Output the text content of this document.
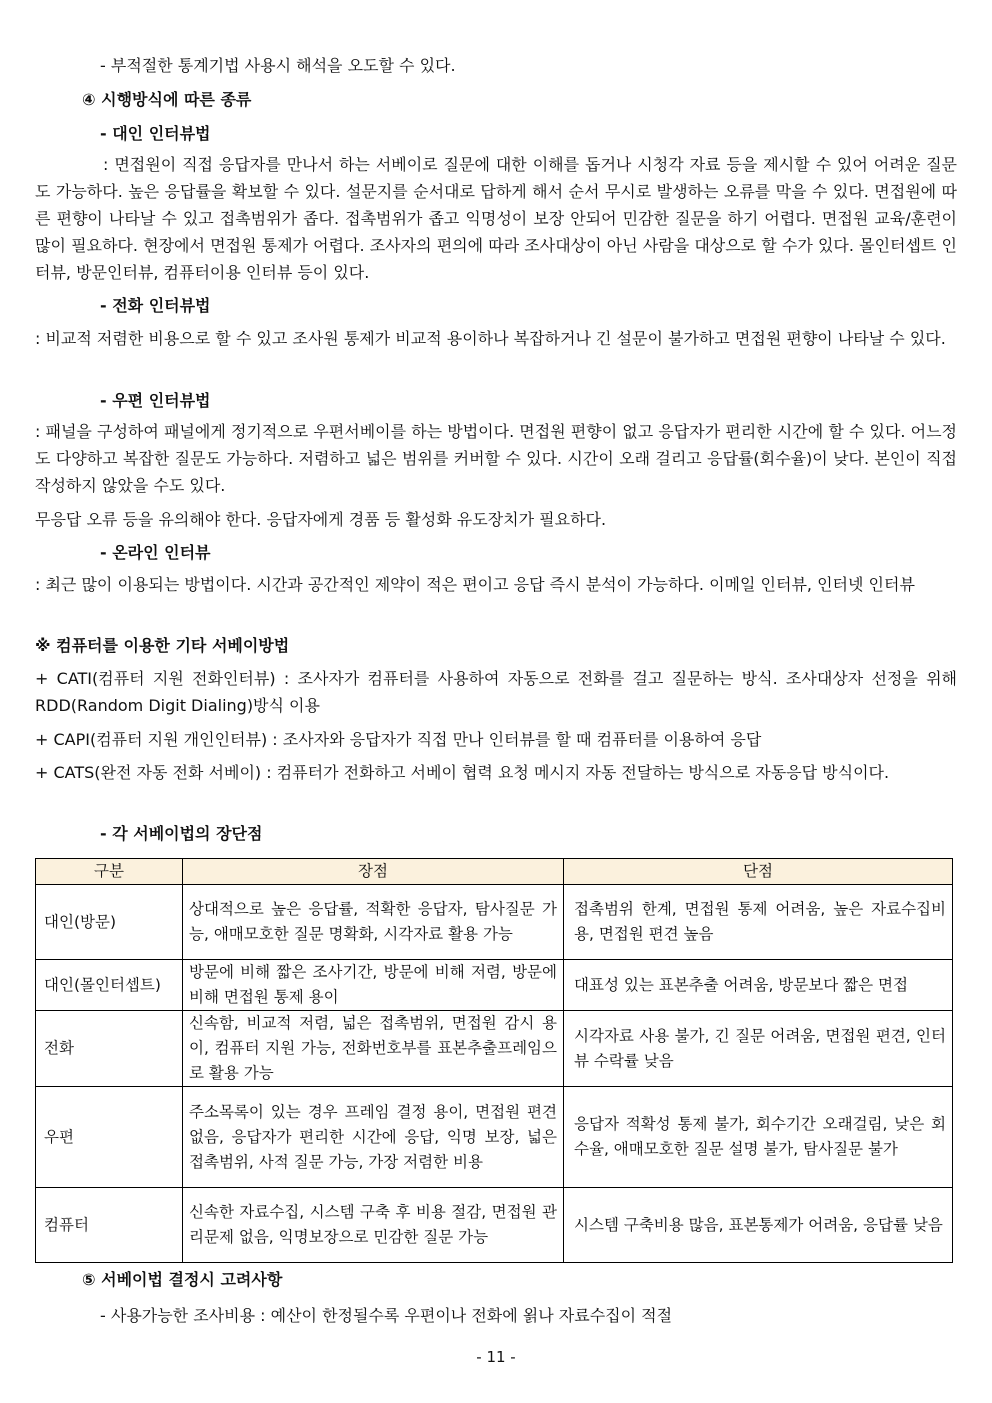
- 부적절한 통계기법 사용시 해석을 오도할 수 있다.
④ 시행방식에 따른 종류
- 대인 인터뷰법
: 면접원이 직접 응답자를 만나서 하는 서베이로 질문에 대한 이해를 돕거나 시청각 자료 등을 제시할 수 있어 어려운 질문도 가능하다. 높은 응답률을 확보할 수 있다. 설문지를 순서대로 답하게 해서 순서 무시로 발생하는 오류를 막을 수 있다. 면접원에 따른 편향이 나타날 수 있고 접촉범위가 좁다. 접촉범위가 좁고 익명성이 보장 안되어 민감한 질문을 하기 어렵다. 면접원 교육/훈련이 많이 필요하다. 현장에서 면접원 통제가 어렵다. 조사자의 편의에 따라 조사대상이 아닌 사람을 대상으로 할 수가 있다. 몰인터셉트 인터뷰, 방문인터뷰, 컴퓨터이용 인터뷰 등이 있다.
- 전화 인터뷰법
: 비교적 저렴한 비용으로 할 수 있고 조사원 통제가 비교적 용이하나 복잡하거나 긴 설문이 불가하고 면접원 편향이 나타날 수 있다.
- 우편 인터뷰법
: 패널을 구성하여 패널에게 정기적으로 우편서베이를 하는 방법이다. 면접원 편향이 없고 응답자가 편리한 시간에 할 수 있다. 어느정도 다양하고 복잡한 질문도 가능하다. 저렴하고 넓은 범위를 커버할 수 있다. 시간이 오래 걸리고 응답률(회수율)이 낮다. 본인이 직접 작성하지 않았을 수도 있다.
무응답 오류 등을 유의해야 한다. 응답자에게 경품 등 활성화 유도장치가 필요하다.
- 온라인 인터뷰
: 최근 많이 이용되는 방법이다. 시간과 공간적인 제약이 적은 편이고 응답 즉시 분석이 가능하다. 이메일 인터뷰, 인터넷 인터뷰
※ 컴퓨터를 이용한 기타 서베이방법
+ CATI(컴퓨터 지원 전화인터뷰) : 조사자가 컴퓨터를 사용하여 자동으로 전화를 걸고 질문하는 방식. 조사대상자 선정을 위해 RDD(Random Digit Dialing)방식 이용
+ CAPI(컴퓨터 지원 개인인터뷰) : 조사자와 응답자가 직접 만나 인터뷰를 할 때 컴퓨터를 이용하여 응답
+ CATS(완전 자동 전화 서베이) : 컴퓨터가 전화하고 서베이 협력 요청 메시지 자동 전달하는 방식으로 자동응답 방식이다.
- 각 서베이법의 장단점
구분	장점	단점
대인(방문)	상대적으로 높은 응답률, 적확한 응답자, 탐사질문 가능, 애매모호한 질문 명확화, 시각자료 활용 가능	접촉범위 한계, 면접원 통제 어려움, 높은 자료수집비용, 면접원 편견 높음
대인(몰인터셉트)	방문에 비해 짧은 조사기간, 방문에 비해 저렴, 방문에 비해 면접원 통제 용이	대표성 있는 표본추출 어려움, 방문보다 짧은 면접
전화	신속함, 비교적 저렴, 넓은 접촉범위, 면접원 감시 용이, 컴퓨터 지원 가능, 전화번호부를 표본추출프레임으로 활용 가능	시각자료 사용 불가, 긴 질문 어려움, 면접원 편견, 인터뷰 수락률 낮음
우편	주소목록이 있는 경우 프레임 결정 용이, 면접원 편견 없음, 응답자가 편리한 시간에 응답, 익명 보장, 넓은 접촉범위, 사적 질문 가능, 가장 저렴한 비용	응답자 적확성 통제 불가, 회수기간 오래걸림, 낮은 회수율, 애매모호한 질문 설명 불가, 탐사질문 불가
컴퓨터	신속한 자료수집, 시스템 구축 후 비용 절감, 면접원 관리문제 없음, 익명보장으로 민감한 질문 가능	시스템 구축비용 많음, 표본통제가 어려움, 응답률 낮음
⑤ 서베이법 결정시 고려사항
- 사용가능한 조사비용 : 예산이 한정될수록 우편이나 전화에 욁나 자료수집이 적절
- 11 -
